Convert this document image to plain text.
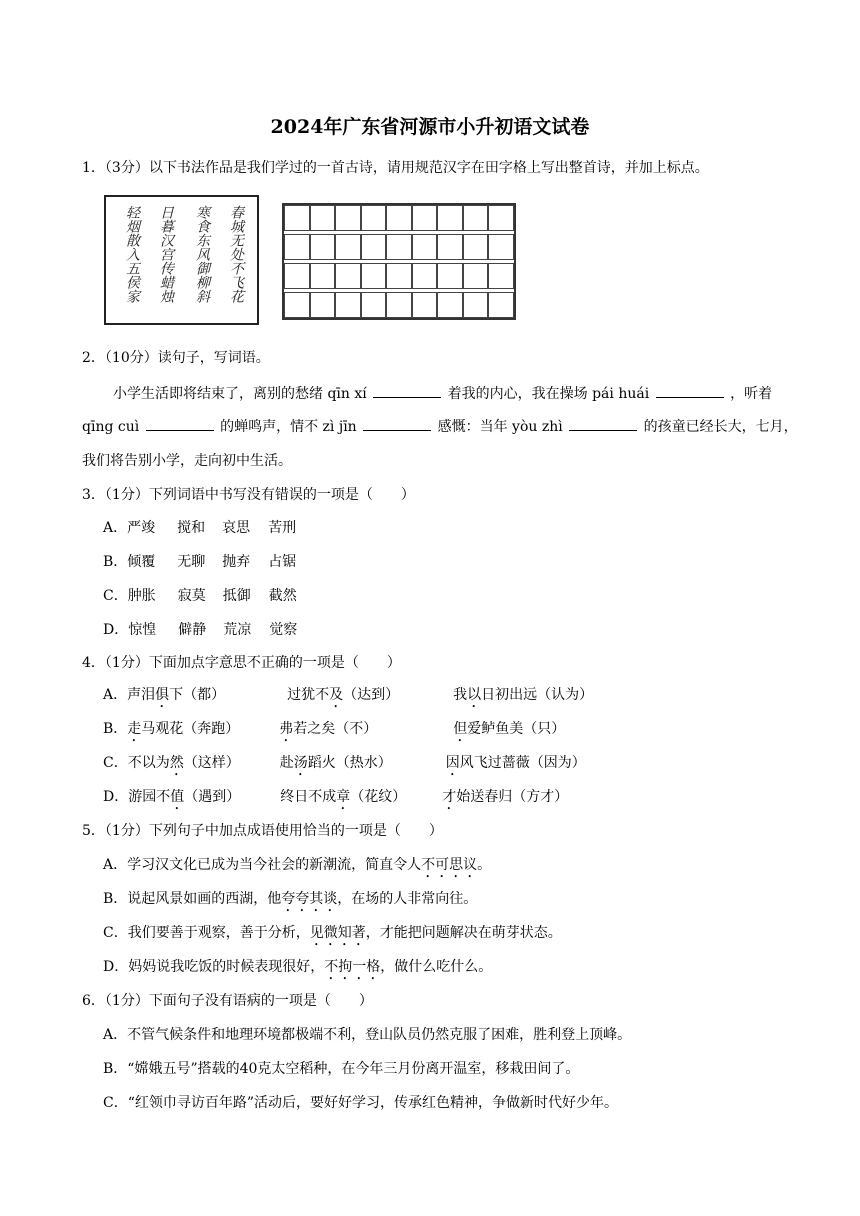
2024年广东省河源市小升初语文试卷
1．（3分）以下书法作品是我们学过的一首古诗，请用规范汉字在田字格上写出整首诗，并加上标点。
轻烟散入五侯家 日暮汉宫传蜡烛 寒食东风御柳斜 春城无处不飞花
2．（10分）读句子，写词语。
小学生活即将结束了，离别的愁绪 qīn xí	着我的内心，我在操场 pái huái	，听着
qīng cuì	的蝉鸣声，情不 zì jīn	感慨：当年 yòu zhì	的孩童已经长大，七月，
我们将告别小学，走向初中生活。
3．（1分）下列词语中书写没有错误的一项是（　　）
A．严竣 搅和 哀思 苦刑
B．倾覆 无聊 抛弃 占锯
C．肿胀 寂莫 抵御 截然
D．惊惶 僻静 荒凉 觉察
4．（1分）下面加点字意思不正确的一项是（　　）
A．声泪俱下（都）	过犹不及（达到）	我以日初出远（认为）
B．走马观花（奔跑）	弗若之矣（不）	但爱鲈鱼美（只）
C．不以为然（这样）	赴汤蹈火（热水）	因风飞过蔷薇（因为）
D．游园不值（遇到）	终日不成章（花纹）	才始送春归（方才）
5．（1分）下列句子中加点成语使用恰当的一项是（　　）
A．学习汉文化已成为当今社会的新潮流，简直令人不可思议。
B．说起风景如画的西湖，他夸夸其谈，在场的人非常向往。
C．我们要善于观察，善于分析，见微知著，才能把问题解决在萌芽状态。
D．妈妈说我吃饭的时候表现很好，不拘一格，做什么吃什么。
6．（1分）下面句子没有语病的一项是（　　）
A．不管气候条件和地理环境都极端不利，登山队员仍然克服了困难，胜利登上顶峰。
B．“嫦娥五号”搭载的40克太空稻种，在今年三月份离开温室，移栽田间了。
C．“红领巾寻访百年路”活动后，要好好学习，传承红色精神，争做新时代好少年。
